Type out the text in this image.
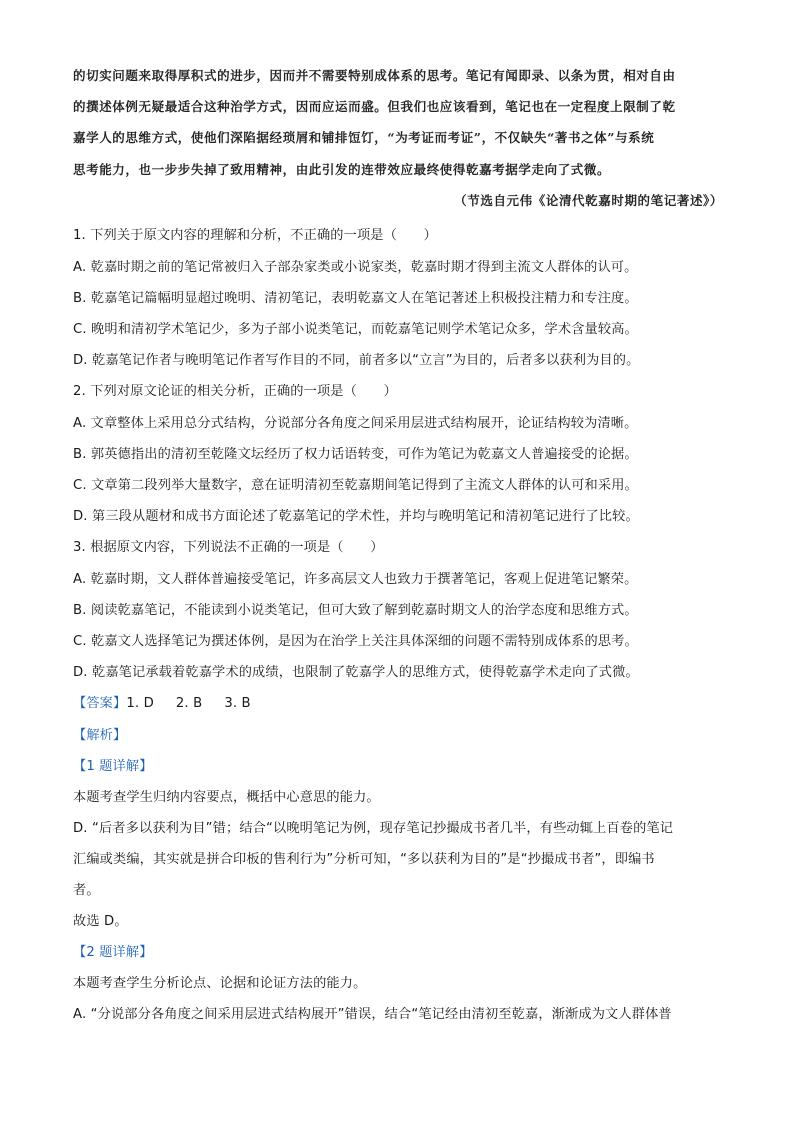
的切实问题来取得厚积式的进步，因而并不需要特别成体系的思考。笔记有闻即录、以条为贯，相对自由
的撰述体例无疑最适合这种治学方式，因而应运而盛。但我们也应该看到，笔记也在一定程度上限制了乾
嘉学人的思维方式，使他们深陷据经琐屑和铺排饾饤，“为考证而考证”，不仅缺失“著书之体”与系统
思考能力，也一步步失掉了致用精神，由此引发的连带效应最终使得乾嘉考据学走向了式微。
（节选自元伟《论清代乾嘉时期的笔记著述》）
1. 下列关于原文内容的理解和分析，不正确的一项是（　　）
A. 乾嘉时期之前的笔记常被归入子部杂家类或小说家类，乾嘉时期才得到主流文人群体的认可。
B. 乾嘉笔记篇幅明显超过晚明、清初笔记，表明乾嘉文人在笔记著述上积极投注精力和专注度。
C. 晚明和清初学术笔记少，多为子部小说类笔记，而乾嘉笔记则学术笔记众多，学术含量较高。
D. 乾嘉笔记作者与晚明笔记作者写作目的不同，前者多以“立言”为目的，后者多以获利为目的。
2. 下列对原文论证的相关分析，正确的一项是（　　）
A. 文章整体上采用总分式结构，分说部分各角度之间采用层进式结构展开，论证结构较为清晰。
B. 郭英德指出的清初至乾隆文坛经历了权力话语转变，可作为笔记为乾嘉文人普遍接受的论据。
C. 文章第二段列举大量数字，意在证明清初至乾嘉期间笔记得到了主流文人群体的认可和采用。
D. 第三段从题材和成书方面论述了乾嘉笔记的学术性，并均与晚明笔记和清初笔记进行了比较。
3. 根据原文内容，下列说法不正确的一项是（　　）
A. 乾嘉时期，文人群体普遍接受笔记，许多高层文人也致力于撰著笔记，客观上促进笔记繁荣。
B. 阅读乾嘉笔记，不能读到小说类笔记，但可大致了解到乾嘉时期文人的治学态度和思维方式。
C. 乾嘉文人选择笔记为撰述体例，是因为在治学上关注具体深细的问题不需特别成体系的思考。
D. 乾嘉笔记承载着乾嘉学术的成绩，也限制了乾嘉学人的思维方式，使得乾嘉学术走向了式微。
【答案】1. D 2. B 3. B
【解析】
【1 题详解】
本题考查学生归纳内容要点，概括中心意思的能力。
D. “后者多以获利为目”错；结合“以晚明笔记为例，现存笔记抄撮成书者几半，有些动辄上百卷的笔记
汇编或类编，其实就是拼合印板的售利行为”分析可知，“多以获利为目的”是“抄撮成书者”，即编书
者。
故选 D。
【2 题详解】
本题考查学生分析论点、论据和论证方法的能力。
A. “分说部分各角度之间采用层进式结构展开”错误，结合“笔记经由清初至乾嘉，渐渐成为文人群体普
